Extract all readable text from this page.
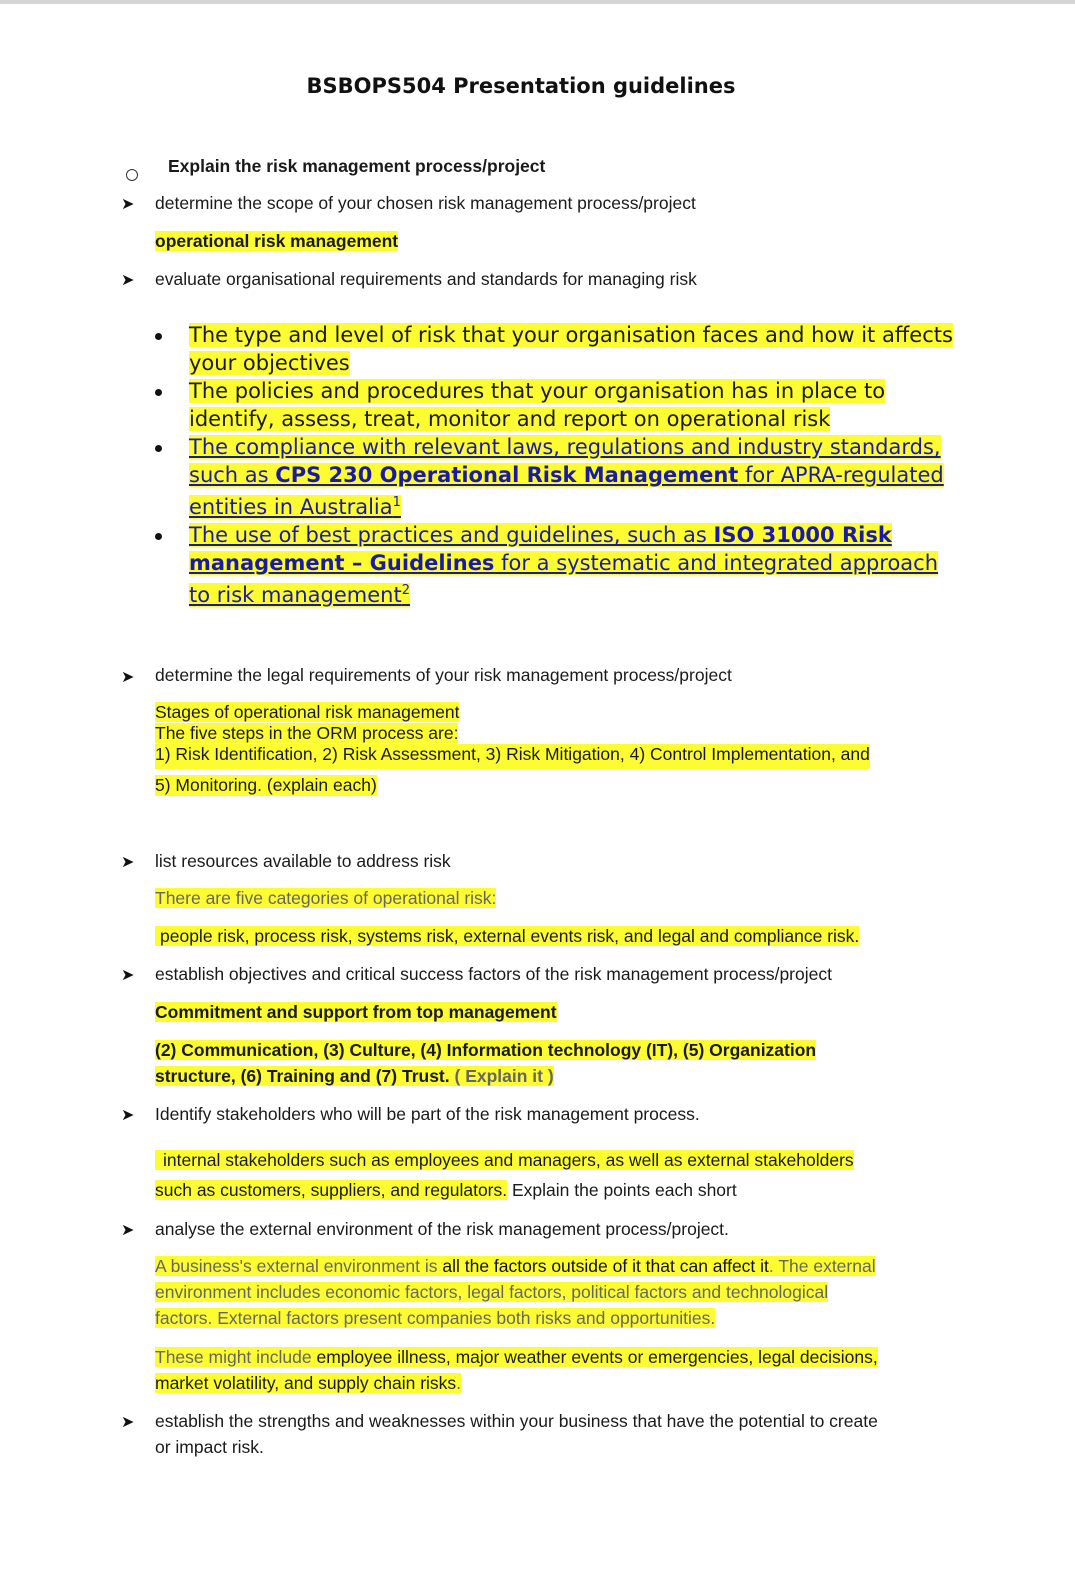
BSBOPS504 Presentation guidelines

Explain the risk management process/project

➤ determine the scope of your chosen risk management process/project

operational risk management

➤ evaluate organisational requirements and standards for managing risk

The type and level of risk that your organisation faces and how it affects your objectives
The policies and procedures that your organisation has in place to identify, assess, treat, monitor and report on operational risk
The compliance with relevant laws, regulations and industry standards, such as CPS 230 Operational Risk Management for APRA-regulated entities in Australia$^1$
The use of best practices and guidelines, such as ISO 31000 Risk management – Guidelines for a systematic and integrated approach to risk management$^2$
➤ determine the legal requirements of your risk management process/project

Stages of operational risk management
The five steps in the ORM process are:
1) Risk Identification, 2) Risk Assessment, 3) Risk Mitigation, 4) Control Implementation, and
5) Monitoring. (explain each)
➤ list resources available to address risk

There are five categories of operational risk:

people risk, process risk, systems risk, external events risk, and legal and compliance risk.

➤ establish objectives and critical success factors of the risk management process/project

Commitment and support from top management

(2) Communication, (3) Culture, (4) Information technology (IT), (5) Organization
structure, (6) Training and (7) Trust. ( Explain it )
➤ Identify stakeholders who will be part of the risk management process.

internal stakeholders such as employees and managers, as well as external stakeholders
such as customers, suppliers, and regulators. Explain the points each short
➤ analyse the external environment of the risk management process/project.

A business's external environment is all the factors outside of it that can affect it. The external
environment includes economic factors, legal factors, political factors and technological
factors. External factors present companies both risks and opportunities.
These might include employee illness, major weather events or emergencies, legal decisions,
market volatility, and supply chain risks.
➤ establish the strengths and weaknesses within your business that have the potential to create
or impact risk.
